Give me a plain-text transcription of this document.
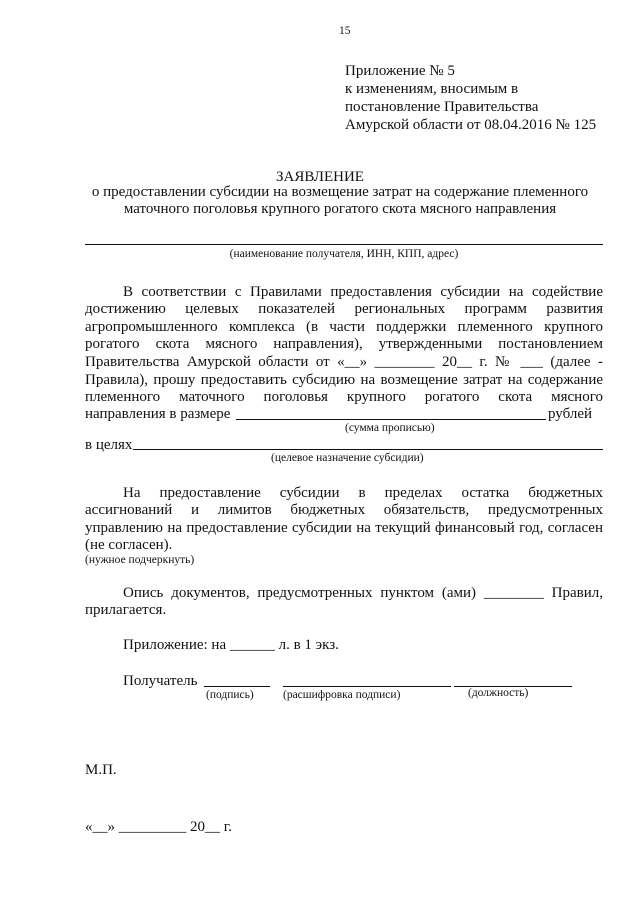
15
Приложение № 5
к изменениям, вносимым в
постановление Правительства
Амурской области от 08.04.2016 № 125
ЗАЯВЛЕНИЕ
о предоставлении субсидии на возмещение затрат на содержание племенного
маточного поголовья крупного рогатого скота мясного направления
(наименование получателя, ИНН, КПП, адрес)
В соответствии с Правилами предоставления субсидии на содействие
достижению целевых показателей региональных программ развития
агропромышленного комплекса (в части поддержки племенного крупного
рогатого скота мясного направления), утвержденными постановлением
Правительства Амурской области от «__» ________ 20__ г. № ___ (далее -
Правила), прошу предоставить субсидию на возмещение затрат на содержание
племенного маточного поголовья крупного рогатого скота мясного
направления в размере	рублей
(сумма прописью)
в целях
(целевое назначение субсидии)
На предоставление субсидии в пределах остатка бюджетных
ассигнований и лимитов бюджетных обязательств, предусмотренных
управлению на предоставление субсидии на текущий финансовый год, согласен
(не согласен).
(нужное подчеркнуть)
Опись документов, предусмотренных пунктом (ами) ________ Правил,
прилагается.
Приложение: на ______ л. в 1 экз.
Получатель
(подпись)	(расшифровка подписи)	(должность)
М.П.
«__» _________ 20__ г.
